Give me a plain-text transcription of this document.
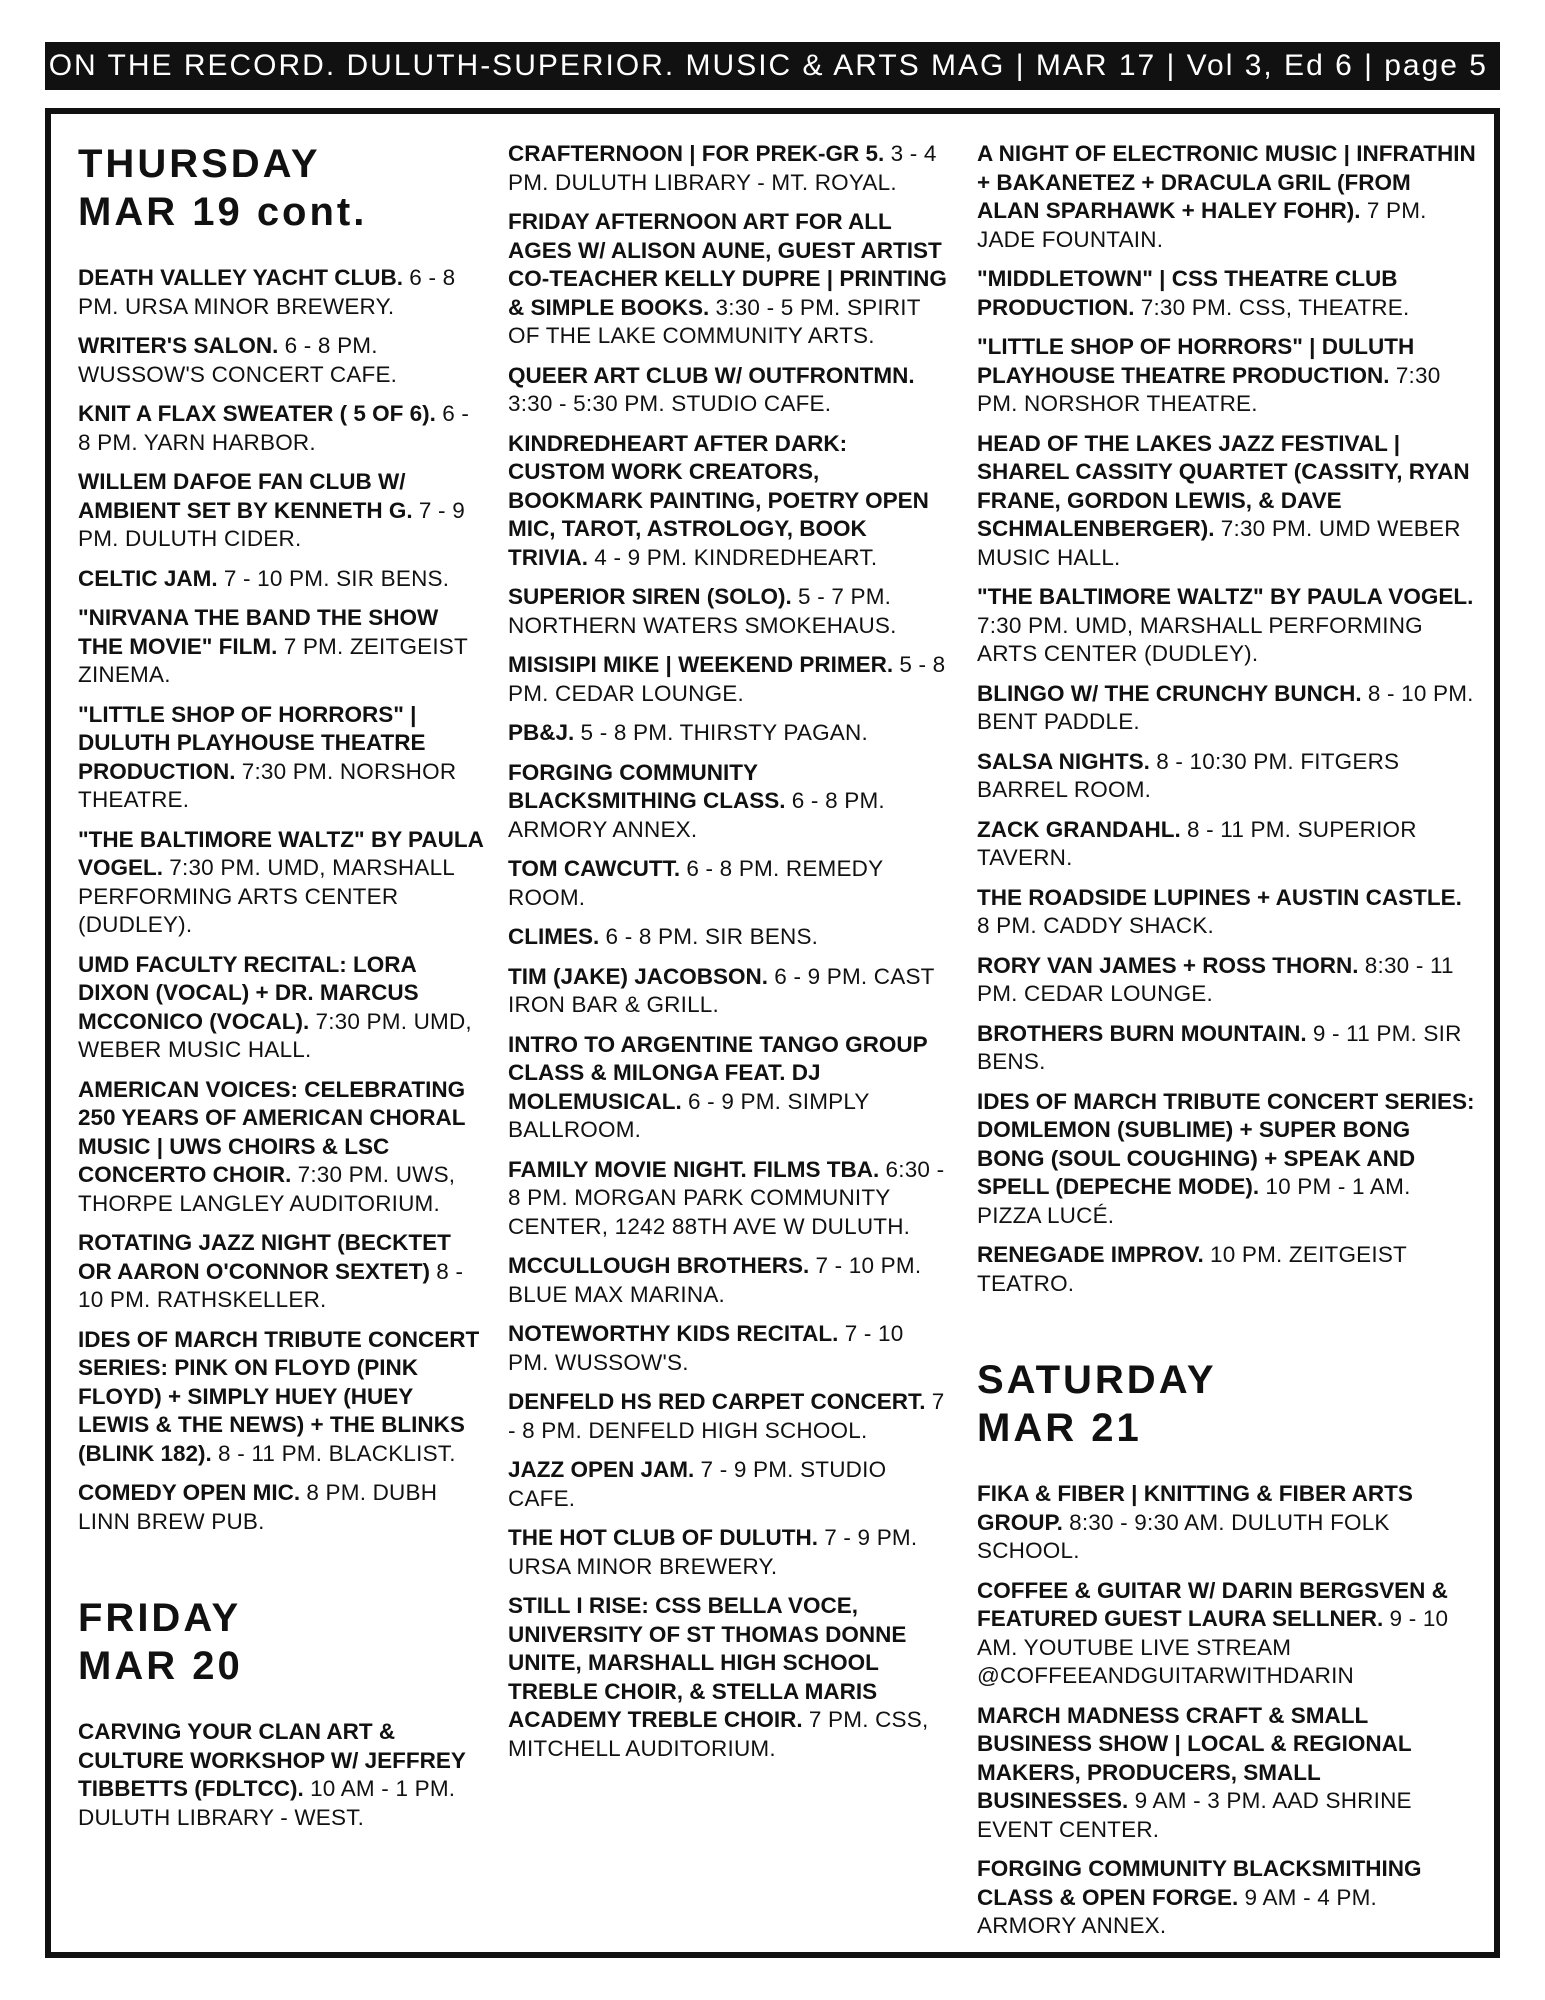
ON THE RECORD. DULUTH-SUPERIOR. MUSIC & ARTS MAG | MAR 17 | Vol 3, Ed 6 | page 5
THURSDAY
MAR 19 cont.
DEATH VALLEY YACHT CLUB. 6 - 8 PM. URSA MINOR BREWERY.
WRITER'S SALON. 6 - 8 PM. WUSSOW'S CONCERT CAFE.
KNIT A FLAX SWEATER ( 5 OF 6). 6 - 8 PM. YARN HARBOR.
WILLEM DAFOE FAN CLUB W/ AMBIENT SET BY KENNETH G. 7 - 9 PM. DULUTH CIDER.
CELTIC JAM. 7 - 10 PM. SIR BENS.
"NIRVANA THE BAND THE SHOW THE MOVIE" FILM. 7 PM. ZEITGEIST ZINEMA.
"LITTLE SHOP OF HORRORS" | DULUTH PLAYHOUSE THEATRE PRODUCTION. 7:30 PM. NORSHOR THEATRE.
"THE BALTIMORE WALTZ" BY PAULA VOGEL. 7:30 PM. UMD, MARSHALL PERFORMING ARTS CENTER (DUDLEY).
UMD FACULTY RECITAL: LORA DIXON (VOCAL) + DR. MARCUS MCCONICO (VOCAL). 7:30 PM. UMD, WEBER MUSIC HALL.
AMERICAN VOICES: CELEBRATING 250 YEARS OF AMERICAN CHORAL MUSIC | UWS CHOIRS & LSC CONCERTO CHOIR. 7:30 PM. UWS, THORPE LANGLEY AUDITORIUM.
ROTATING JAZZ NIGHT (BECKTET OR AARON O'CONNOR SEXTET) 8 - 10 PM. RATHSKELLER.
IDES OF MARCH TRIBUTE CONCERT SERIES: PINK ON FLOYD (PINK FLOYD) + SIMPLY HUEY (HUEY LEWIS & THE NEWS) + THE BLINKS (BLINK 182). 8 - 11 PM. BLACKLIST.
COMEDY OPEN MIC. 8 PM. DUBH LINN BREW PUB.
FRIDAY
MAR 20
CARVING YOUR CLAN ART & CULTURE WORKSHOP W/ JEFFREY TIBBETTS (FDLTCC). 10 AM - 1 PM. DULUTH LIBRARY - WEST.
CRAFTERNOON | FOR PREK-GR 5. 3 - 4 PM. DULUTH LIBRARY - MT. ROYAL.
FRIDAY AFTERNOON ART FOR ALL AGES W/ ALISON AUNE, GUEST ARTIST CO-TEACHER KELLY DUPRE | PRINTING & SIMPLE BOOKS. 3:30 - 5 PM. SPIRIT OF THE LAKE COMMUNITY ARTS.
QUEER ART CLUB W/ OUTFRONTMN. 3:30 - 5:30 PM. STUDIO CAFE.
KINDREDHEART AFTER DARK: CUSTOM WORK CREATORS, BOOKMARK PAINTING, POETRY OPEN MIC, TAROT, ASTROLOGY, BOOK TRIVIA. 4 - 9 PM. KINDREDHEART.
SUPERIOR SIREN (SOLO). 5 - 7 PM. NORTHERN WATERS SMOKEHAUS.
MISISIPI MIKE | WEEKEND PRIMER. 5 - 8 PM. CEDAR LOUNGE.
PB&J. 5 - 8 PM. THIRSTY PAGAN.
FORGING COMMUNITY BLACKSMITHING CLASS. 6 - 8 PM. ARMORY ANNEX.
TOM CAWCUTT. 6 - 8 PM. REMEDY ROOM.
CLIMES. 6 - 8 PM. SIR BENS.
TIM (JAKE) JACOBSON. 6 - 9 PM. CAST IRON BAR & GRILL.
INTRO TO ARGENTINE TANGO GROUP CLASS & MILONGA FEAT. DJ MOLEMUSICAL. 6 - 9 PM. SIMPLY BALLROOM.
FAMILY MOVIE NIGHT. FILMS TBA. 6:30 - 8 PM. MORGAN PARK COMMUNITY CENTER, 1242 88TH AVE W DULUTH.
MCCULLOUGH BROTHERS. 7 - 10 PM. BLUE MAX MARINA.
NOTEWORTHY KIDS RECITAL. 7 - 10 PM. WUSSOW'S.
DENFELD HS RED CARPET CONCERT. 7 - 8 PM. DENFELD HIGH SCHOOL.
JAZZ OPEN JAM. 7 - 9 PM. STUDIO CAFE.
THE HOT CLUB OF DULUTH. 7 - 9 PM. URSA MINOR BREWERY.
STILL I RISE: CSS BELLA VOCE, UNIVERSITY OF ST THOMAS DONNE UNITE, MARSHALL HIGH SCHOOL TREBLE CHOIR, & STELLA MARIS ACADEMY TREBLE CHOIR. 7 PM. CSS, MITCHELL AUDITORIUM.
A NIGHT OF ELECTRONIC MUSIC | INFRATHIN + BAKANETEZ + DRACULA GRIL (FROM ALAN SPARHAWK + HALEY FOHR). 7 PM. JADE FOUNTAIN.
"MIDDLETOWN" | CSS THEATRE CLUB PRODUCTION. 7:30 PM. CSS, THEATRE.
"LITTLE SHOP OF HORRORS" | DULUTH PLAYHOUSE THEATRE PRODUCTION. 7:30 PM. NORSHOR THEATRE.
HEAD OF THE LAKES JAZZ FESTIVAL | SHAREL CASSITY QUARTET (CASSITY, RYAN FRANE, GORDON LEWIS, & DAVE SCHMALENBERGER). 7:30 PM. UMD WEBER MUSIC HALL.
"THE BALTIMORE WALTZ" BY PAULA VOGEL. 7:30 PM. UMD, MARSHALL PERFORMING ARTS CENTER (DUDLEY).
BLINGO W/ THE CRUNCHY BUNCH. 8 - 10 PM. BENT PADDLE.
SALSA NIGHTS. 8 - 10:30 PM. FITGERS BARREL ROOM.
ZACK GRANDAHL. 8 - 11 PM. SUPERIOR TAVERN.
THE ROADSIDE LUPINES + AUSTIN CASTLE. 8 PM. CADDY SHACK.
RORY VAN JAMES + ROSS THORN. 8:30 - 11 PM. CEDAR LOUNGE.
BROTHERS BURN MOUNTAIN. 9 - 11 PM. SIR BENS.
IDES OF MARCH TRIBUTE CONCERT SERIES: DOMLEMON (SUBLIME) + SUPER BONG BONG (SOUL COUGHING) + SPEAK AND SPELL (DEPECHE MODE). 10 PM - 1 AM. PIZZA LUCÉ.
RENEGADE IMPROV. 10 PM. ZEITGEIST TEATRO.
SATURDAY
MAR 21
FIKA & FIBER | KNITTING & FIBER ARTS GROUP. 8:30 - 9:30 AM. DULUTH FOLK SCHOOL.
COFFEE & GUITAR W/ DARIN BERGSVEN & FEATURED GUEST LAURA SELLNER. 9 - 10 AM. YOUTUBE LIVE STREAM @COFFEEANDGUITARWITHDARIN
MARCH MADNESS CRAFT & SMALL BUSINESS SHOW | LOCAL & REGIONAL MAKERS, PRODUCERS, SMALL BUSINESSES. 9 AM - 3 PM. AAD SHRINE EVENT CENTER.
FORGING COMMUNITY BLACKSMITHING CLASS & OPEN FORGE. 9 AM - 4 PM. ARMORY ANNEX.
